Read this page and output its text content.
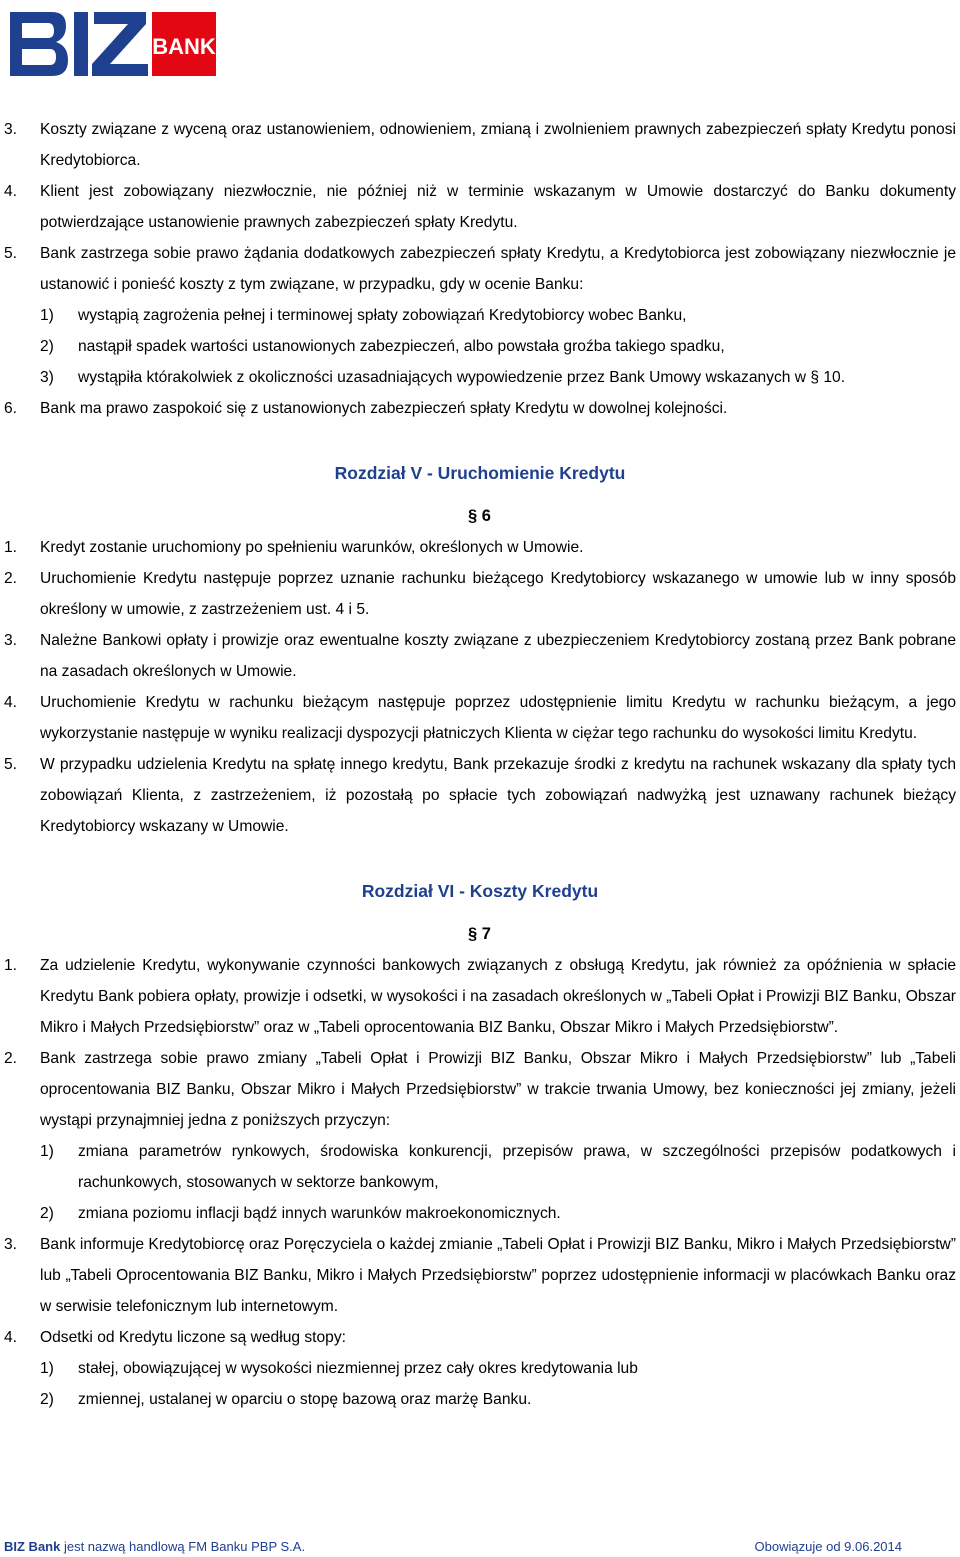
BANK
3. Koszty związane z wyceną oraz ustanowieniem, odnowieniem, zmianą i zwolnieniem prawnych zabezpieczeń spłaty Kredytu ponosi Kredytobiorca.
4. Klient jest zobowiązany niezwłocznie, nie później niż w terminie wskazanym w Umowie dostarczyć do Banku dokumenty potwierdzające ustanowienie prawnych zabezpieczeń spłaty Kredytu.
5. Bank zastrzega sobie prawo żądania dodatkowych zabezpieczeń spłaty Kredytu, a Kredytobiorca jest zobowiązany niezwłocznie je ustanowić i ponieść koszty z tym związane, w przypadku, gdy w ocenie Banku:
1) wystąpią zagrożenia pełnej i terminowej spłaty zobowiązań Kredytobiorcy wobec Banku,
2) nastąpił spadek wartości ustanowionych zabezpieczeń, albo powstała groźba takiego spadku,
3) wystąpiła którakolwiek z okoliczności uzasadniających wypowiedzenie przez Bank Umowy wskazanych w § 10.
6. Bank ma prawo zaspokoić się z ustanowionych zabezpieczeń spłaty Kredytu w dowolnej kolejności.
Rozdział V - Uruchomienie Kredytu
§ 6
1. Kredyt zostanie uruchomiony po spełnieniu warunków, określonych w Umowie.
2. Uruchomienie Kredytu następuje poprzez uznanie rachunku bieżącego Kredytobiorcy wskazanego w umowie lub w inny sposób określony w umowie, z zastrzeżeniem ust. 4 i 5.
3. Należne Bankowi opłaty i prowizje oraz ewentualne koszty związane z ubezpieczeniem Kredytobiorcy zostaną przez Bank pobrane na zasadach określonych w Umowie.
4. Uruchomienie Kredytu w rachunku bieżącym następuje poprzez udostępnienie limitu Kredytu w rachunku bieżącym, a jego wykorzystanie następuje w wyniku realizacji dyspozycji płatniczych Klienta w ciężar tego rachunku do wysokości limitu Kredytu.
5. W przypadku udzielenia Kredytu na spłatę innego kredytu, Bank przekazuje środki z kredytu na rachunek wskazany dla spłaty tych zobowiązań Klienta, z zastrzeżeniem, iż pozostałą po spłacie tych zobowiązań nadwyżką jest uznawany rachunek bieżący Kredytobiorcy wskazany w Umowie.
Rozdział VI - Koszty Kredytu
§ 7
1. Za udzielenie Kredytu, wykonywanie czynności bankowych związanych z obsługą Kredytu, jak również za opóźnienia w spłacie Kredytu Bank pobiera opłaty, prowizje i odsetki, w wysokości i na zasadach określonych w „Tabeli Opłat i Prowizji BIZ Banku, Obszar Mikro i Małych Przedsiębiorstw” oraz w „Tabeli oprocentowania BIZ Banku, Obszar Mikro i Małych Przedsiębiorstw”.
2. Bank zastrzega sobie prawo zmiany „Tabeli Opłat i Prowizji BIZ Banku, Obszar Mikro i Małych Przedsiębiorstw” lub „Tabeli oprocentowania BIZ Banku, Obszar Mikro i Małych Przedsiębiorstw” w trakcie trwania Umowy, bez konieczności jej zmiany, jeżeli wystąpi przynajmniej jedna z poniższych przyczyn:
1) zmiana parametrów rynkowych, środowiska konkurencji, przepisów prawa, w szczególności przepisów podatkowych i rachunkowych, stosowanych w sektorze bankowym,
2) zmiana poziomu inflacji bądź innych warunków makroekonomicznych.
3. Bank informuje Kredytobiorcę oraz Poręczyciela o każdej zmianie „Tabeli Opłat i Prowizji BIZ Banku, Mikro i Małych Przedsiębiorstw” lub „Tabeli Oprocentowania BIZ Banku, Mikro i Małych Przedsiębiorstw” poprzez udostępnienie informacji w placówkach Banku oraz w serwisie telefonicznym lub internetowym.
4. Odsetki od Kredytu liczone są według stopy:
1) stałej, obowiązującej w wysokości niezmiennej przez cały okres kredytowania lub
2) zmiennej, ustalanej w oparciu o stopę bazową oraz marżę Banku.
BIZ Bank jest nazwą handlową FM Banku PBP S.A.	Obowiązuje od 9.06.2014
